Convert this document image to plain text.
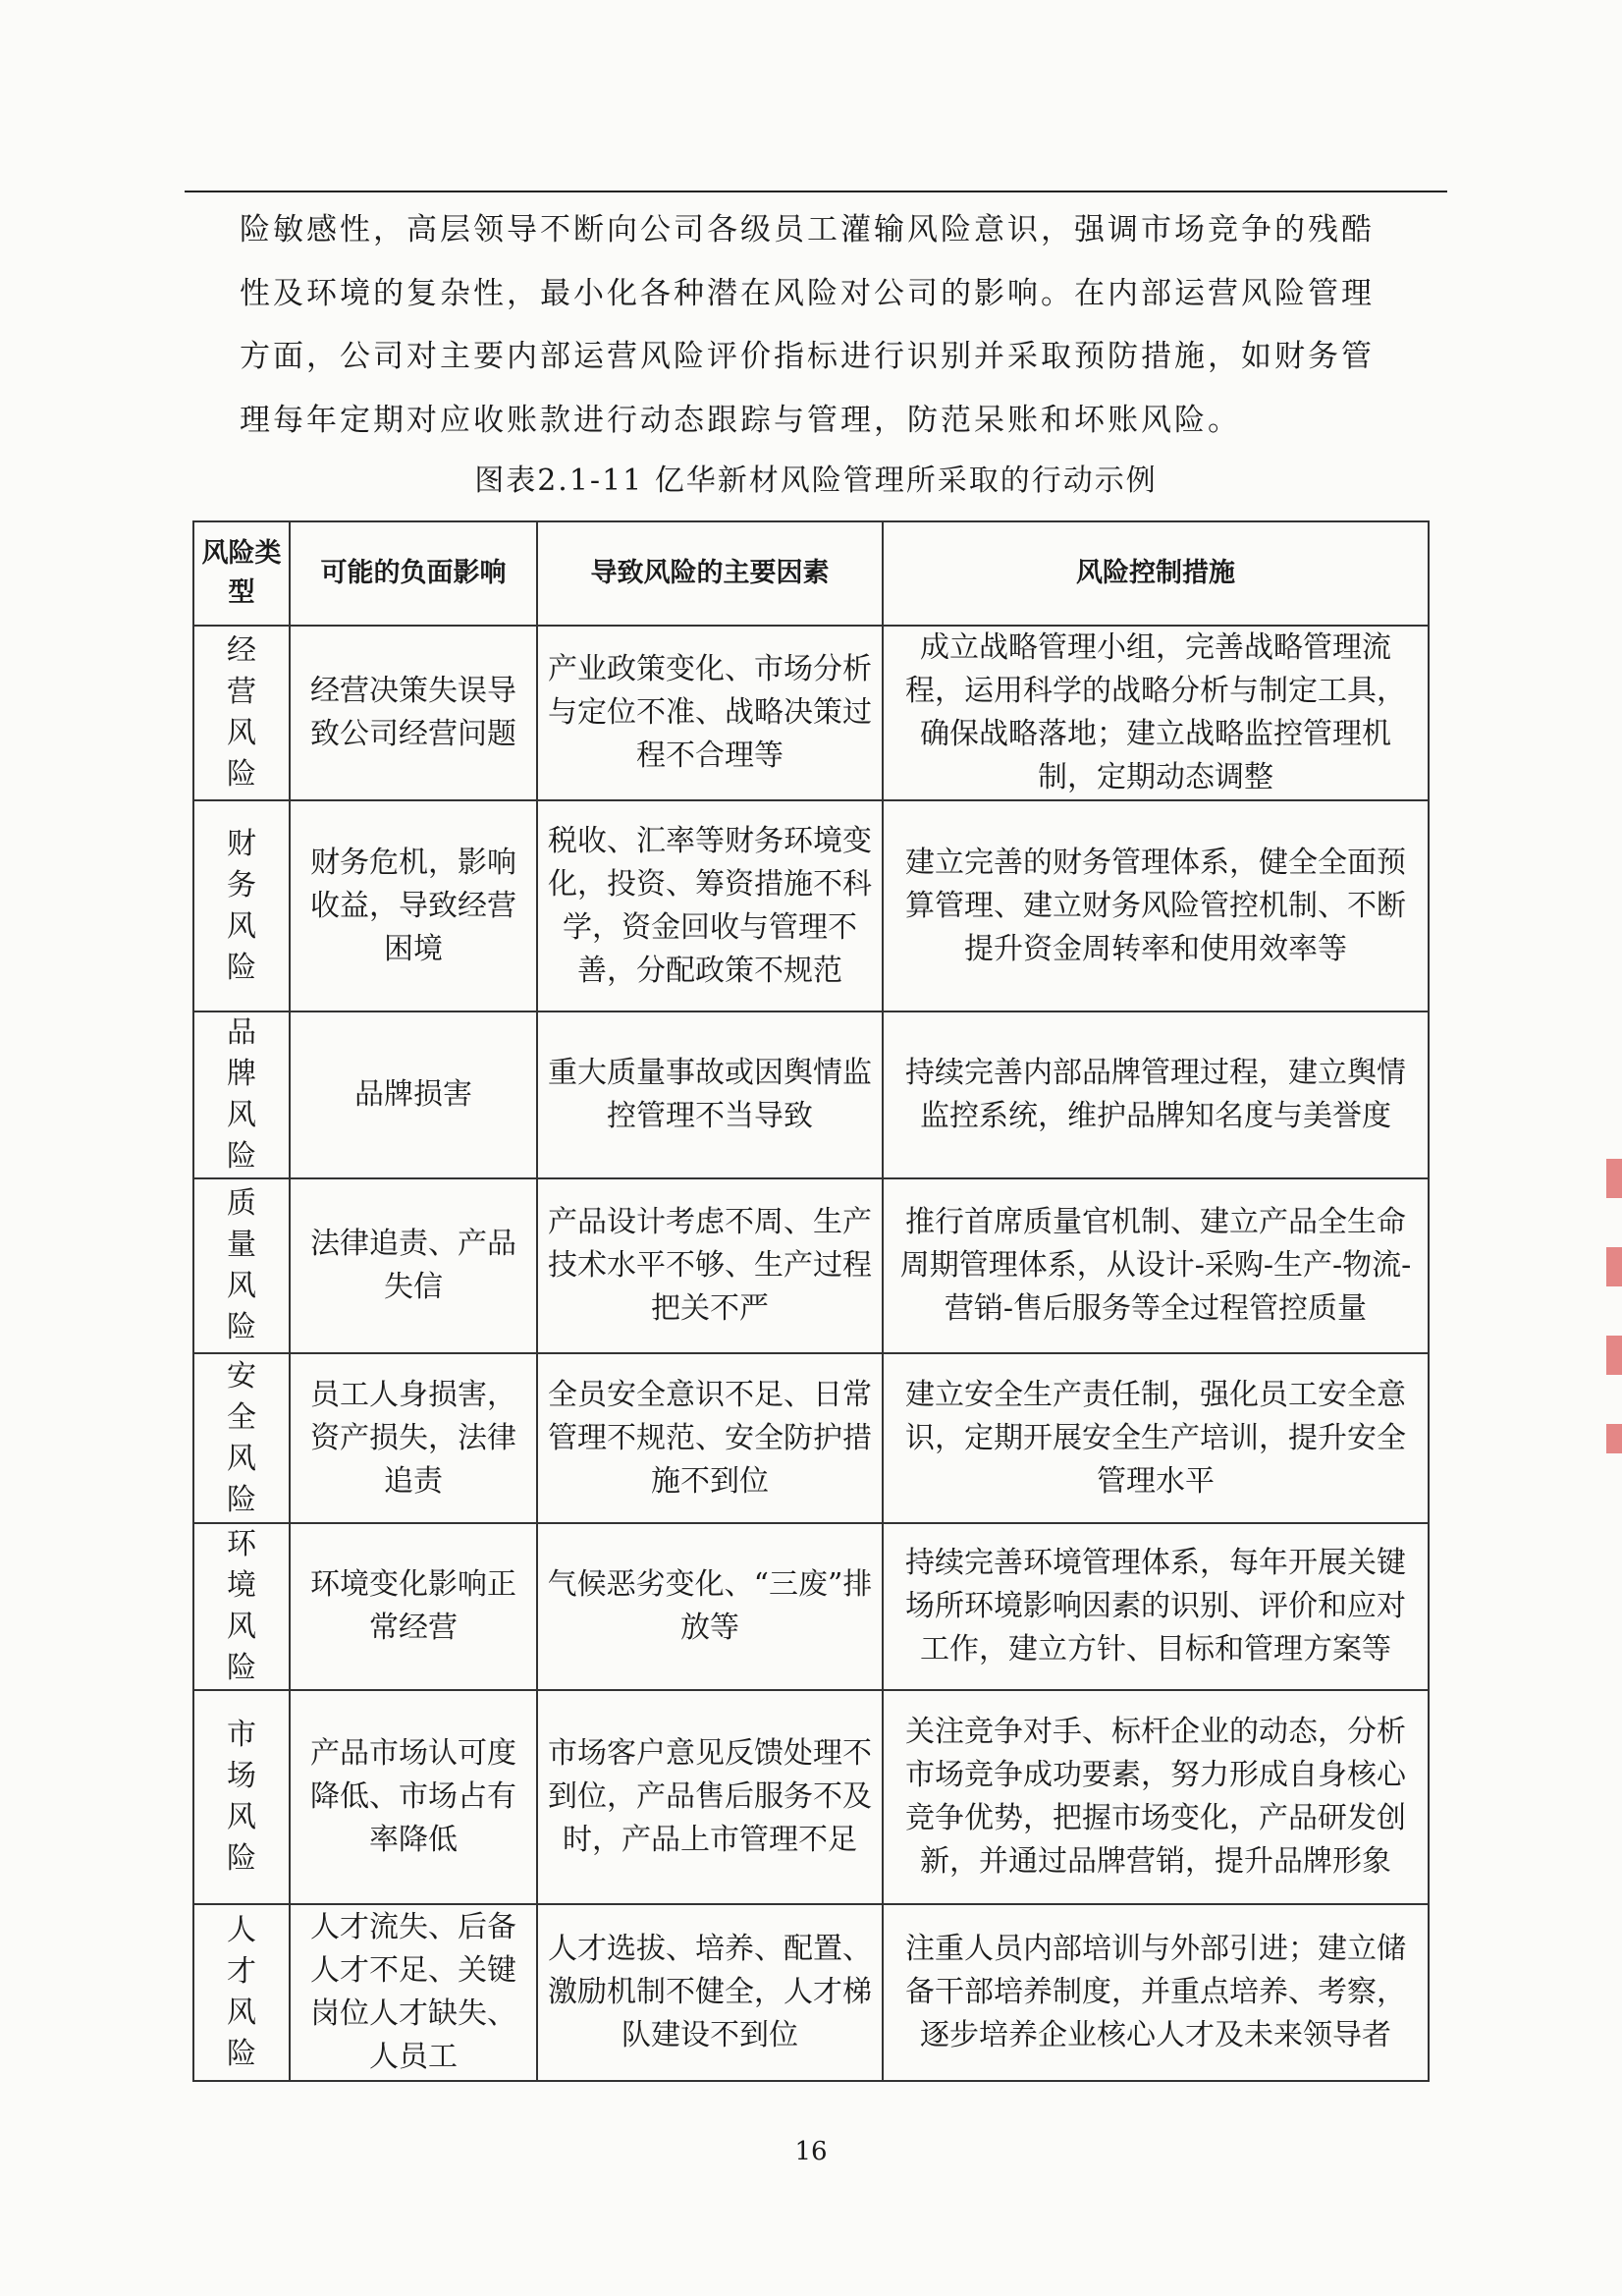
险敏感性，高层领导不断向公司各级员工灌输风险意识，强调市场竞争的残酷
性及环境的复杂性，最小化各种潜在风险对公司的影响。在内部运营风险管理
方面，公司对主要内部运营风险评价指标进行识别并采取预防措施，如财务管
理每年定期对应收账款进行动态跟踪与管理，防范呆账和坏账风险。

图表2.1-11 亿华新材风险管理所采取的行动示例
风险类型	可能的负面影响	导致风险的主要因素	风险控制措施

经营风险	经营决策失误导致公司经营问题	产业政策变化、市场分析与定位不准、战略决策过程不合理等	成立战略管理小组，完善战略管理流程，运用科学的战略分析与制定工具，确保战略落地；建立战略监控管理机制，定期动态调整

财务风险	财务危机，影响收益，导致经营困境	税收、汇率等财务环境变化，投资、筹资措施不科学，资金回收与管理不善，分配政策不规范	建立完善的财务管理体系，健全全面预算管理、建立财务风险管控机制、不断提升资金周转率和使用效率等

品牌风险	品牌损害	重大质量事故或因舆情监控管理不当导致	持续完善内部品牌管理过程，建立舆情监控系统，维护品牌知名度与美誉度

质量风险	法律追责、产品失信	产品设计考虑不周、生产技术水平不够、生产过程把关不严	推行首席质量官机制、建立产品全生命周期管理体系，从设计-采购-生产-物流-营销-售后服务等全过程管控质量

安全风险	员工人身损害，资产损失，法律追责	全员安全意识不足、日常管理不规范、安全防护措施不到位	建立安全生产责任制，强化员工安全意识，定期开展安全生产培训，提升安全管理水平

环境风险	环境变化影响正常经营	气候恶劣变化、“三废”排放等	持续完善环境管理体系，每年开展关键场所环境影响因素的识别、评价和应对工作，建立方针、目标和管理方案等

市场风险	产品市场认可度降低、市场占有率降低	市场客户意见反馈处理不到位，产品售后服务不及时，产品上市管理不足	关注竞争对手、标杆企业的动态，分析市场竞争成功要素，努力形成自身核心竞争优势，把握市场变化，产品研发创新，并通过品牌营销，提升品牌形象

人才风险	人才流失、后备人才不足、关键岗位人才缺失、人员工	人才选拔、培养、配置、激励机制不健全，人才梯队建设不到位	注重人员内部培训与外部引进；建立储备干部培养制度，并重点培养、考察，逐步培养企业核心人才及未来领导者
16
